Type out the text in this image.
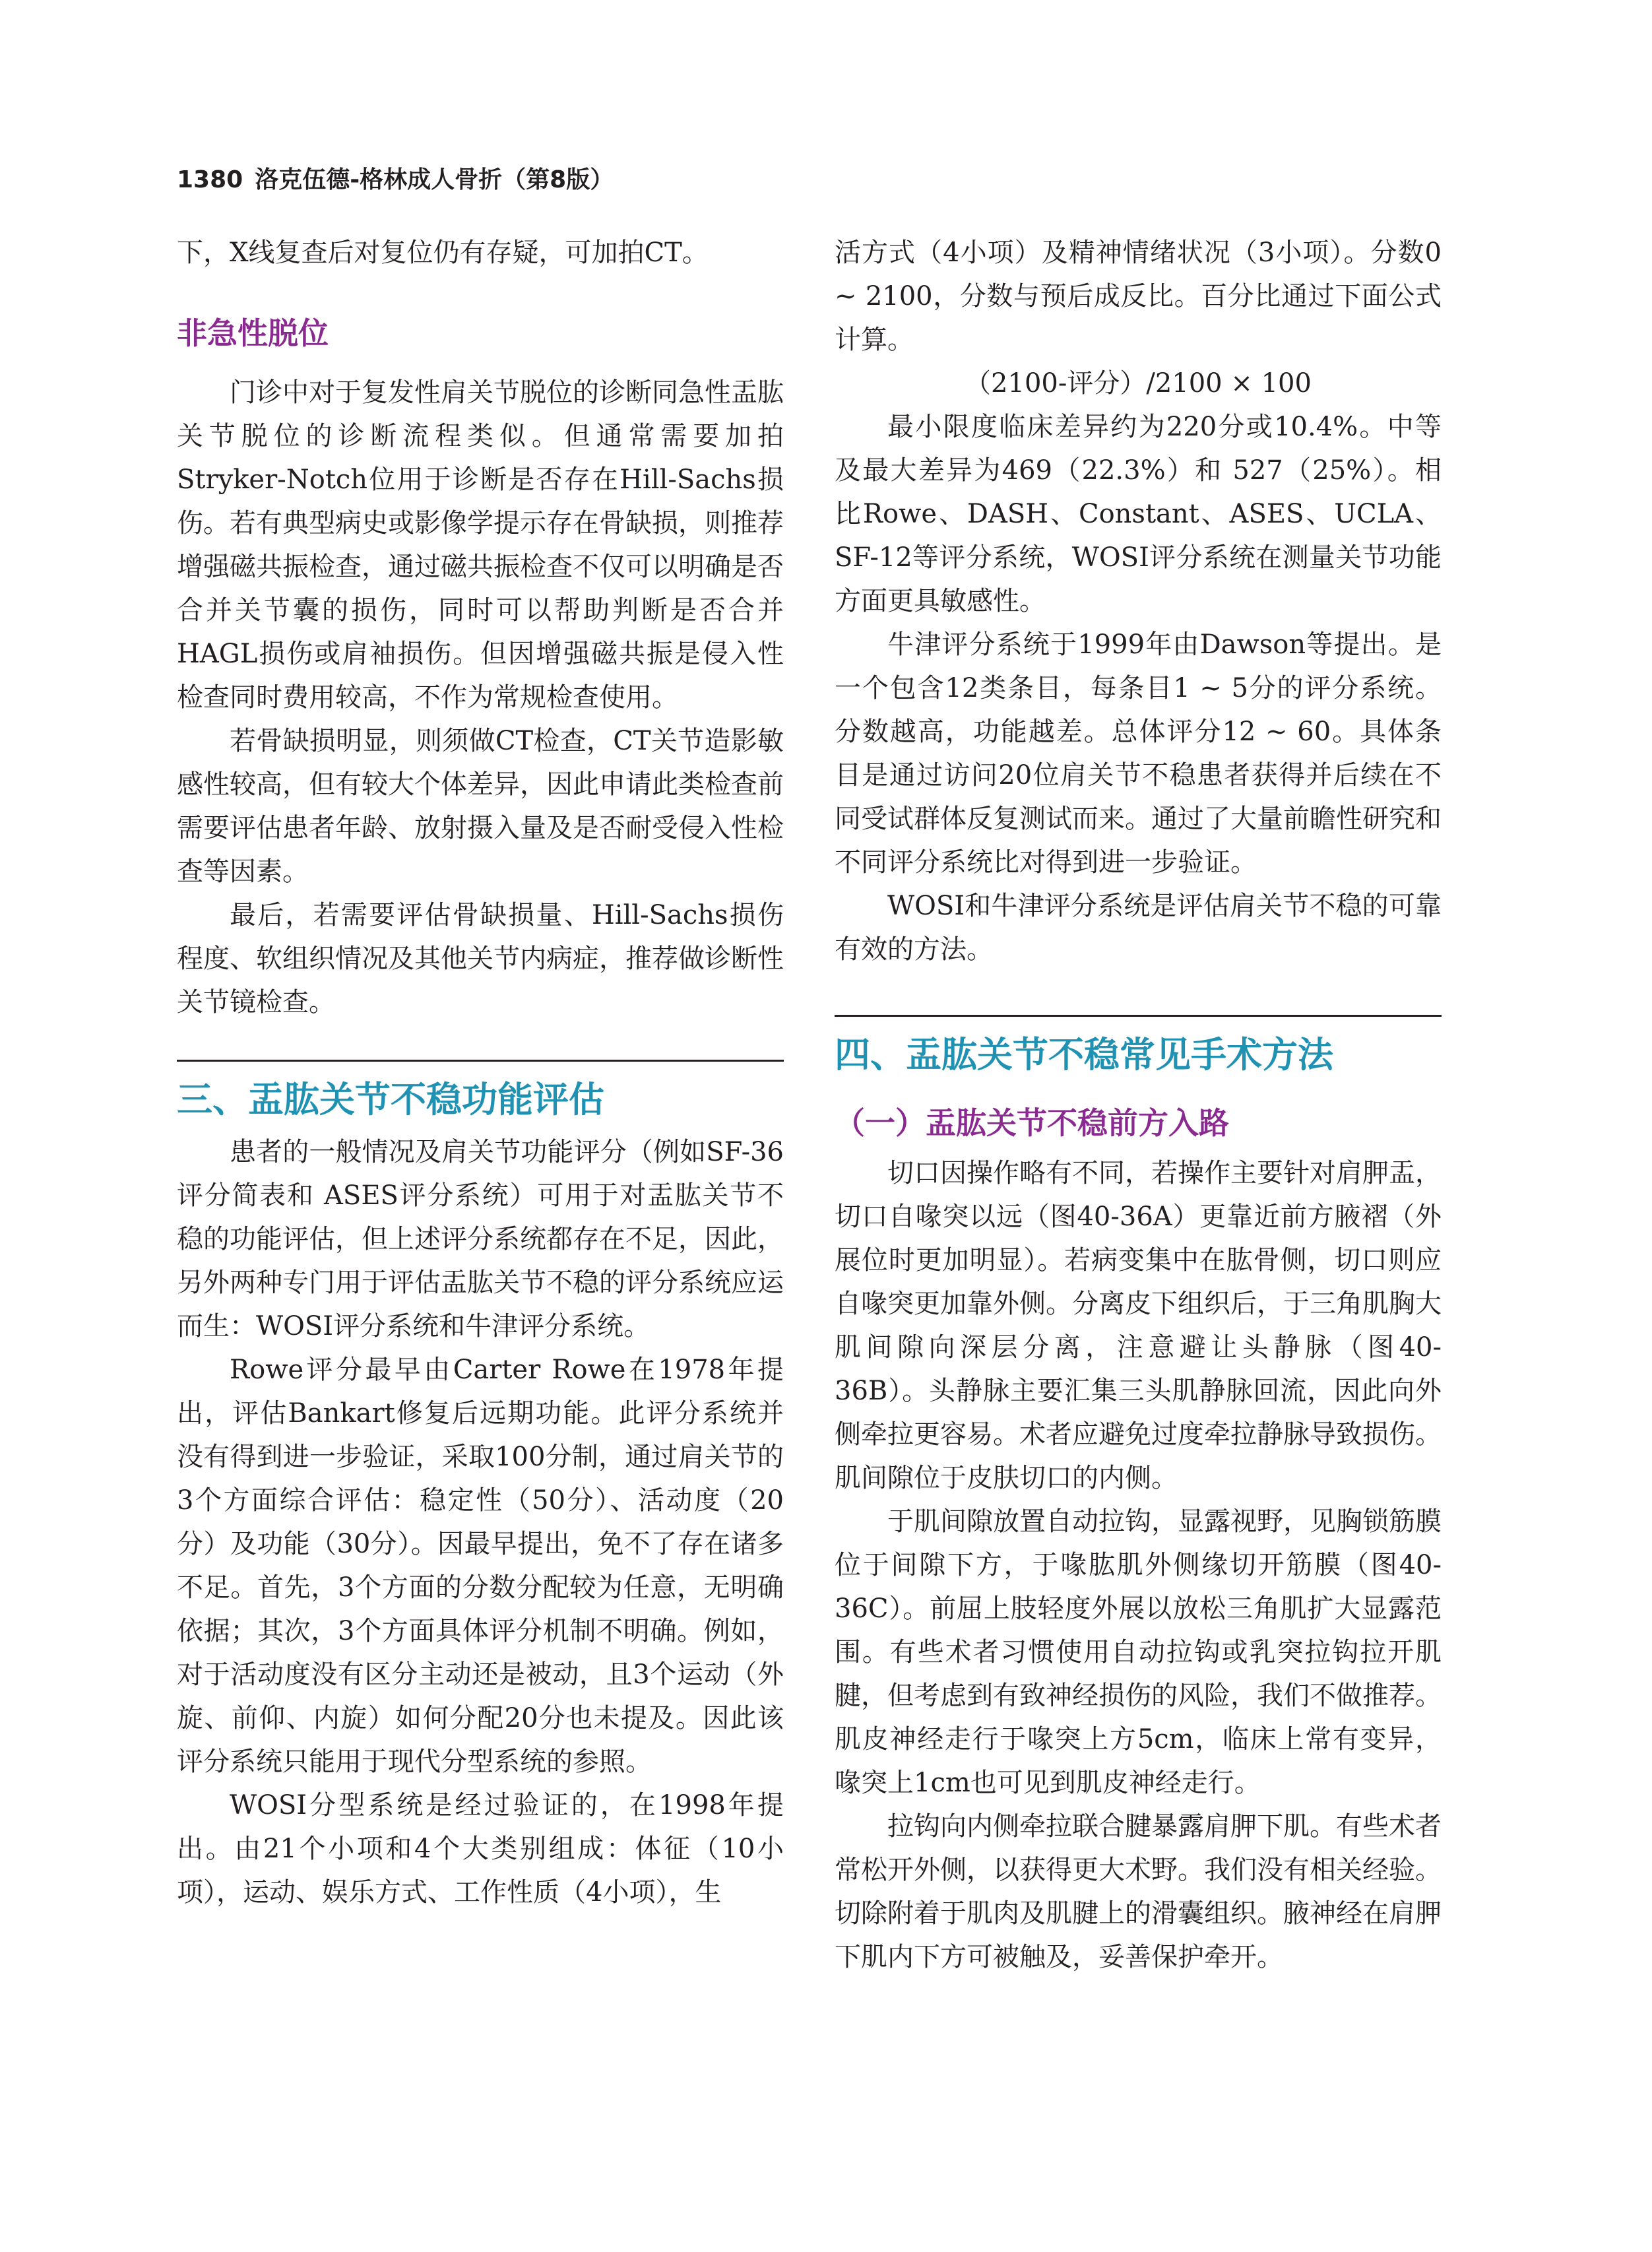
1380 洛克伍德-格林成人骨折（第8版）

下，X线复查后对复位仍有存疑，可加拍CT。

非急性脱位

门诊中对于复发性肩关节脱位的诊断同急性盂肱关节脱位的诊断流程类似。但通常需要加拍Stryker-Notch位用于诊断是否存在Hill-Sachs损伤。若有典型病史或影像学提示存在骨缺损，则推荐增强磁共振检查，通过磁共振检查不仅可以明确是否合并关节囊的损伤，同时可以帮助判断是否合并HAGL损伤或肩袖损伤。但因增强磁共振是侵入性检查同时费用较高，不作为常规检查使用。

若骨缺损明显，则须做CT检查，CT关节造影敏感性较高，但有较大个体差异，因此申请此类检查前需要评估患者年龄、放射摄入量及是否耐受侵入性检查等因素。

最后，若需要评估骨缺损量、Hill-Sachs损伤程度、软组织情况及其他关节内病症，推荐做诊断性关节镜检查。

三、盂肱关节不稳功能评估

患者的一般情况及肩关节功能评分（例如SF-36评分简表和 ASES评分系统）可用于对盂肱关节不稳的功能评估，但上述评分系统都存在不足，因此，另外两种专门用于评估盂肱关节不稳的评分系统应运而生：WOSI评分系统和牛津评分系统。

Rowe评分最早由Carter Rowe在1978年提出，评估Bankart修复后远期功能。此评分系统并没有得到进一步验证，采取100分制，通过肩关节的3个方面综合评估：稳定性（50分）、活动度（20分）及功能（30分）。因最早提出，免不了存在诸多不足。首先，3个方面的分数分配较为任意，无明确依据；其次，3个方面具体评分机制不明确。例如，对于活动度没有区分主动还是被动，且3个运动（外旋、前仰、内旋）如何分配20分也未提及。因此该评分系统只能用于现代分型系统的参照。

WOSI分型系统是经过验证的，在1998年提出。由21个小项和4个大类别组成：体征（10小项），运动、娱乐方式、工作性质（4小项），生

活方式（4小项）及精神情绪状况（3小项）。分数0 ~ 2100，分数与预后成反比。百分比通过下面公式计算。

（2100-评分）/2100 × 100

最小限度临床差异约为220分或10.4%。中等及最大差异为469（22.3%）和 527（25%）。相比Rowe、DASH、Constant、ASES、UCLA、SF-12等评分系统，WOSI评分系统在测量关节功能方面更具敏感性。

牛津评分系统于1999年由Dawson等提出。是一个包含12类条目，每条目1 ~ 5分的评分系统。分数越高，功能越差。总体评分12 ~ 60。具体条目是通过访问20位肩关节不稳患者获得并后续在不同受试群体反复测试而来。通过了大量前瞻性研究和不同评分系统比对得到进一步验证。

WOSI和牛津评分系统是评估肩关节不稳的可靠有效的方法。

四、盂肱关节不稳常见手术方法
（一）盂肱关节不稳前方入路

切口因操作略有不同，若操作主要针对肩胛盂，切口自喙突以远（图40-36A）更靠近前方腋褶（外展位时更加明显）。若病变集中在肱骨侧，切口则应自喙突更加靠外侧。分离皮下组织后，于三角肌胸大肌间隙向深层分离，注意避让头静脉（图40-36B）。头静脉主要汇集三头肌静脉回流，因此向外侧牵拉更容易。术者应避免过度牵拉静脉导致损伤。肌间隙位于皮肤切口的内侧。

于肌间隙放置自动拉钩，显露视野，见胸锁筋膜位于间隙下方，于喙肱肌外侧缘切开筋膜（图40-36C）。前屈上肢轻度外展以放松三角肌扩大显露范围。有些术者习惯使用自动拉钩或乳突拉钩拉开肌腱，但考虑到有致神经损伤的风险，我们不做推荐。肌皮神经走行于喙突上方5cm，临床上常有变异，喙突上1cm也可见到肌皮神经走行。

拉钩向内侧牵拉联合腱暴露肩胛下肌。有些术者常松开外侧，以获得更大术野。我们没有相关经验。切除附着于肌肉及肌腱上的滑囊组织。腋神经在肩胛下肌内下方可被触及，妥善保护牵开。
